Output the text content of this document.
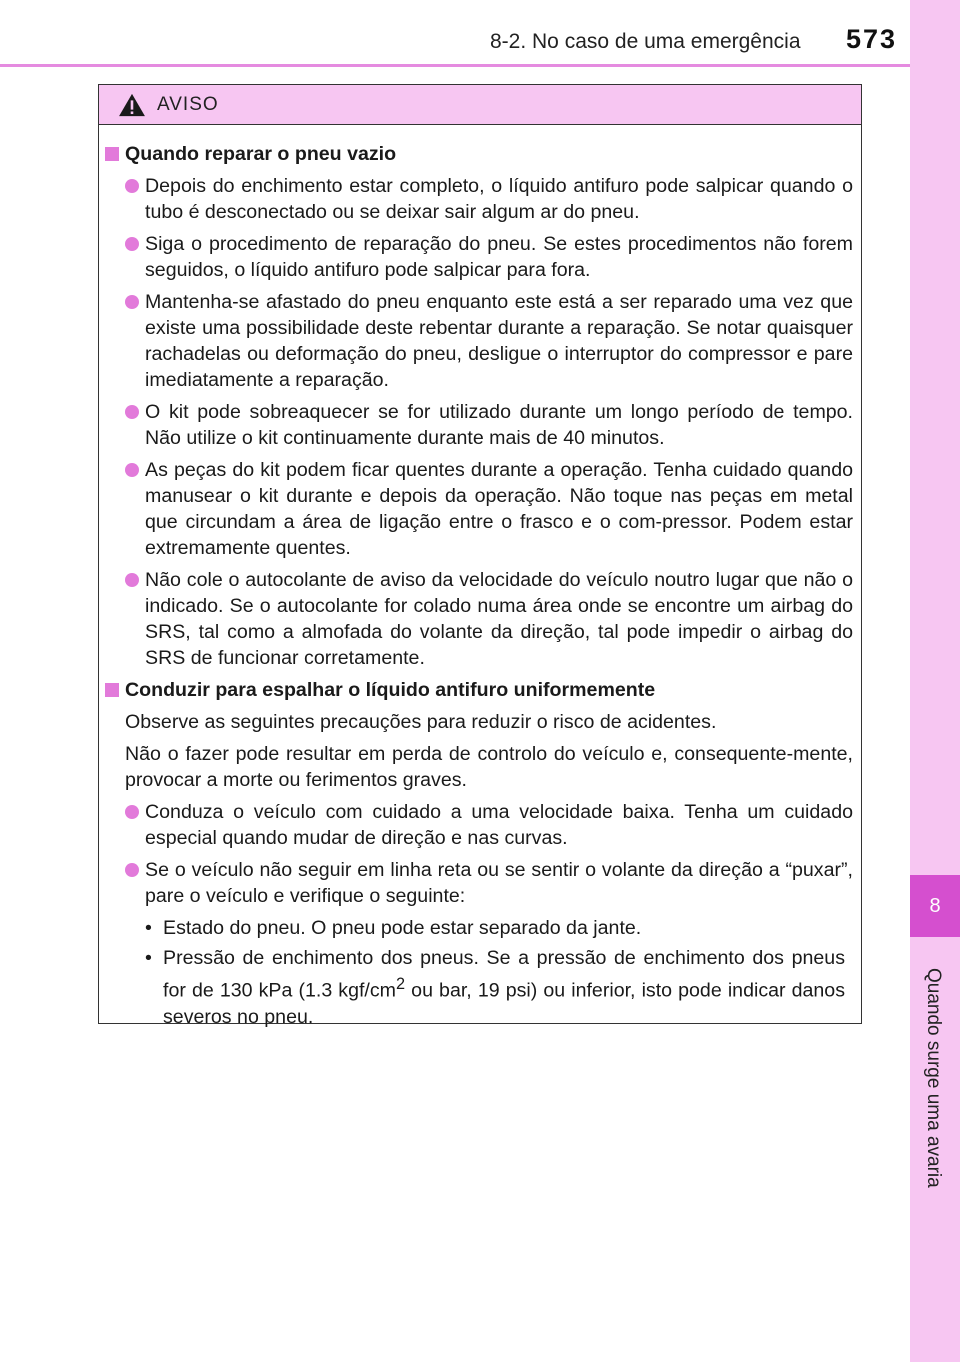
8-2. No caso de uma emergência 573
8
Quando surge uma avaria
AVISO

Quando reparar o pneu vazio

Depois do enchimento estar completo, o líquido antifuro pode salpicar quando o tubo é desconectado ou se deixar sair algum ar do pneu.

Siga o procedimento de reparação do pneu. Se estes procedimentos não forem seguidos, o líquido antifuro pode salpicar para fora.

Mantenha-se afastado do pneu enquanto este está a ser reparado uma vez que existe uma possibilidade deste rebentar durante a reparação. Se notar quaisquer rachadelas ou deformação do pneu, desligue o interruptor do compressor e pare imediatamente a reparação.

O kit pode sobreaquecer se for utilizado durante um longo período de tempo. Não utilize o kit continuamente durante mais de 40 minutos.

As peças do kit podem ficar quentes durante a operação. Tenha cuidado quando manusear o kit durante e depois da operação. Não toque nas peças em metal que circundam a área de ligação entre o frasco e o com-pressor. Podem estar extremamente quentes.

Não cole o autocolante de aviso da velocidade do veículo noutro lugar que não o indicado. Se o autocolante for colado numa área onde se encontre um airbag do SRS, tal como a almofada do volante da direção, tal pode impedir o airbag do SRS de funcionar corretamente.

Conduzir para espalhar o líquido antifuro uniformemente

Observe as seguintes precauções para reduzir o risco de acidentes.

Não o fazer pode resultar em perda de controlo do veículo e, consequente-mente, provocar a morte ou ferimentos graves.

Conduza o veículo com cuidado a uma velocidade baixa. Tenha um cuidado especial quando mudar de direção e nas curvas.

Se o veículo não seguir em linha reta ou se sentir o volante da direção a “puxar”, pare o veículo e verifique o seguinte:

• Estado do pneu. O pneu pode estar separado da jante.

• Pressão de enchimento dos pneus. Se a pressão de enchimento dos pneus for de 130 kPa (1.3 kgf/$cm^2$ ou bar, 19 psi) ou inferior, isto pode indicar danos severos no pneu.
